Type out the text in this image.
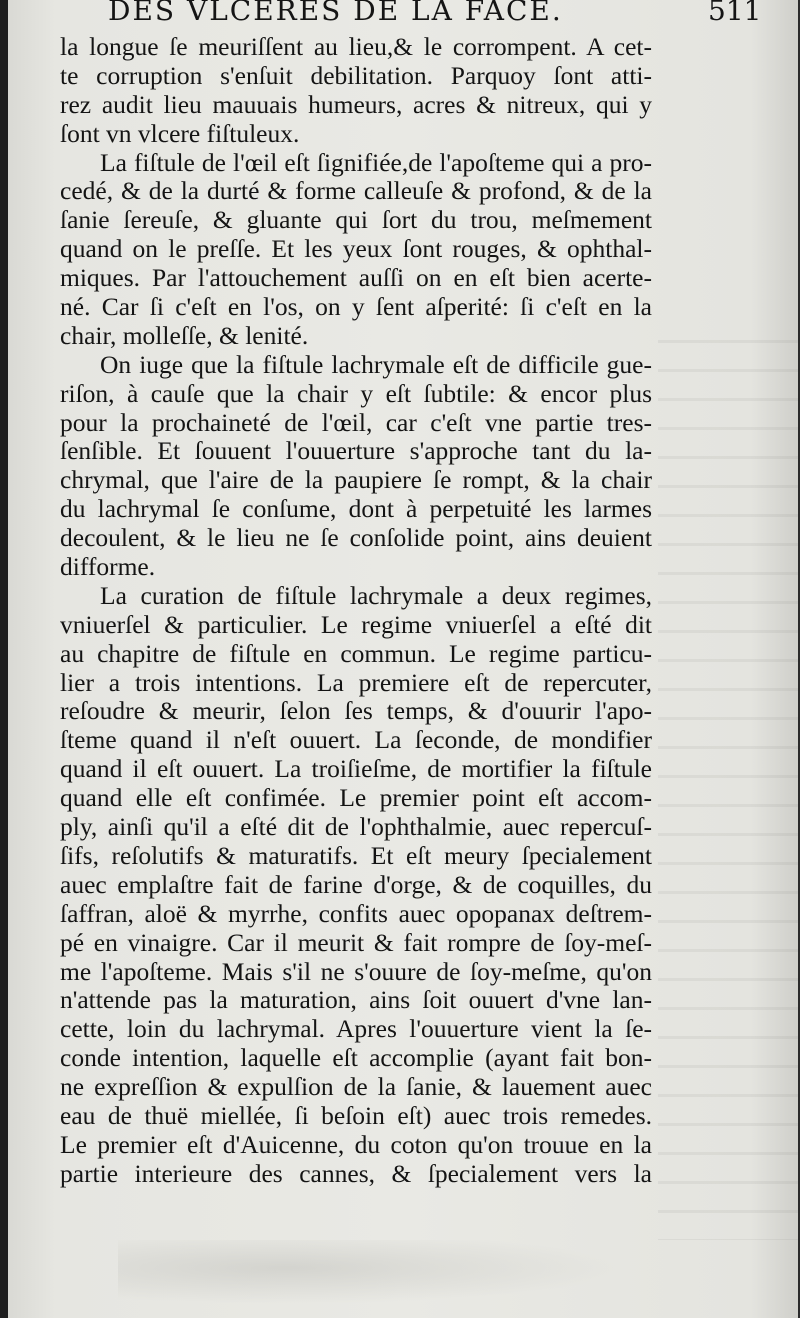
DES VLCERES DE LA FACE.	511
la longue ſe meuriſſent au lieu,& le corrompent. A cet-
te corruption s'enſuit debilitation. Parquoy ſont atti-
rez audit lieu mauuais humeurs, acres & nitreux, qui y
ſont vn vlcere fiſtuleux.
La fiſtule de l'œil eſt ſignifiée,de l'apoſteme qui a pro-
cedé, & de la durté & forme calleuſe & profond, & de la
ſanie ſereuſe, & gluante qui ſort du trou, meſmement
quand on le preſſe. Et les yeux ſont rouges, & ophthal-
miques. Par l'attouchement auſſi on en eſt bien acerte-
né. Car ſi c'eſt en l'os, on y ſent aſperité: ſi c'eſt en la
chair, molleſſe, & lenité.
On iuge que la fiſtule lachrymale eſt de difficile gue-
riſon, à cauſe que la chair y eſt ſubtile: & encor plus
pour la prochaineté de l'œil, car c'eſt vne partie tres-
ſenſible. Et ſouuent l'ouuerture s'approche tant du la-
chrymal, que l'aire de la paupiere ſe rompt, & la chair
du lachrymal ſe conſume, dont à perpetuité les larmes
decoulent, & le lieu ne ſe conſolide point, ains deuient
difforme.
La curation de fiſtule lachrymale a deux regimes,
vniuerſel & particulier. Le regime vniuerſel a eſté dit
au chapitre de fiſtule en commun. Le regime particu-
lier a trois intentions. La premiere eſt de repercuter,
reſoudre & meurir, ſelon ſes temps, & d'ouurir l'apo-
ſteme quand il n'eſt ouuert. La ſeconde, de mondifier
quand il eſt ouuert. La troiſieſme, de mortifier la fiſtule
quand elle eſt confimée. Le premier point eſt accom-
ply, ainſi qu'il a eſté dit de l'ophthalmie, auec repercuſ-
ſifs, reſolutifs & maturatifs. Et eſt meury ſpecialement
auec emplaſtre fait de farine d'orge, & de coquilles, du
ſaffran, aloë & myrrhe, confits auec opopanax deſtrem-
pé en vinaigre. Car il meurit & fait rompre de ſoy-meſ-
me l'apoſteme. Mais s'il ne s'ouure de ſoy-meſme, qu'on
n'attende pas la maturation, ains ſoit ouuert d'vne lan-
cette, loin du lachrymal. Apres l'ouuerture vient la ſe-
conde intention, laquelle eſt accomplie (ayant fait bon-
ne expreſſion & expulſion de la ſanie, & lauement auec
eau de thuë miellée, ſi beſoin eſt) auec trois remedes.
Le premier eſt d'Auicenne, du coton qu'on trouue en la
partie interieure des cannes, & ſpecialement vers la
